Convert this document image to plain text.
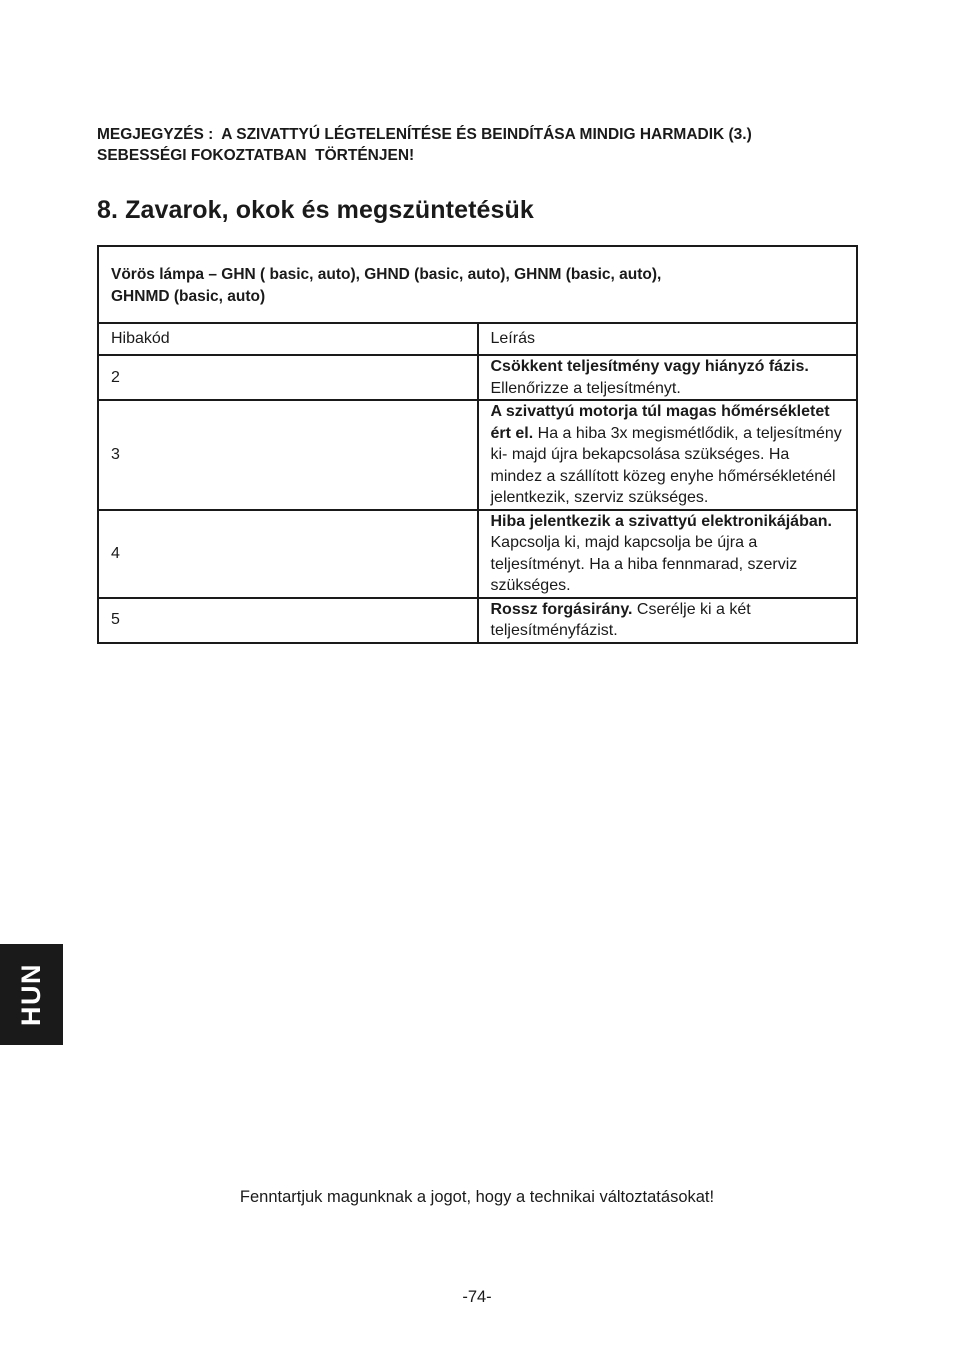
MEGJEGYZÉS :  A SZIVATTYÚ LÉGTELENÍTÉSE ÉS BEINDÍTÁSA MINDIG HARMADIK (3.)
SEBESSÉGI FOKOZTATBAN  TÖRTÉNJEN!
8. Zavarok, okok és megszüntetésük
Vörös lámpa – GHN ( basic, auto), GHND (basic, auto), GHNM (basic, auto),
GHNMD (basic, auto)	

Hibakód	Leírás
2	Csökkent teljesítmény vagy hiányzó fázis. Ellenőrizze a teljesítményt.
3	A szivattyú motorja túl magas hőmérsékletet ért el. Ha a hiba 3x megismétlődik, a teljesítmény ki- majd újra bekapcsolása szükséges. Ha mindez a szállított közeg enyhe hőmérsékleténél jelentkezik, szerviz szükséges.
4	Hiba jelentkezik a szivattyú elektronikájában. Kapcsolja ki, majd kapcsolja be újra a teljesítményt. Ha a hiba fennmarad, szerviz szükséges.
5	Rossz forgásirány. Cserélje ki a két teljesítményfázist.
HUN
Fenntartjuk magunknak a jogot, hogy a technikai változtatásokat!
-74-
